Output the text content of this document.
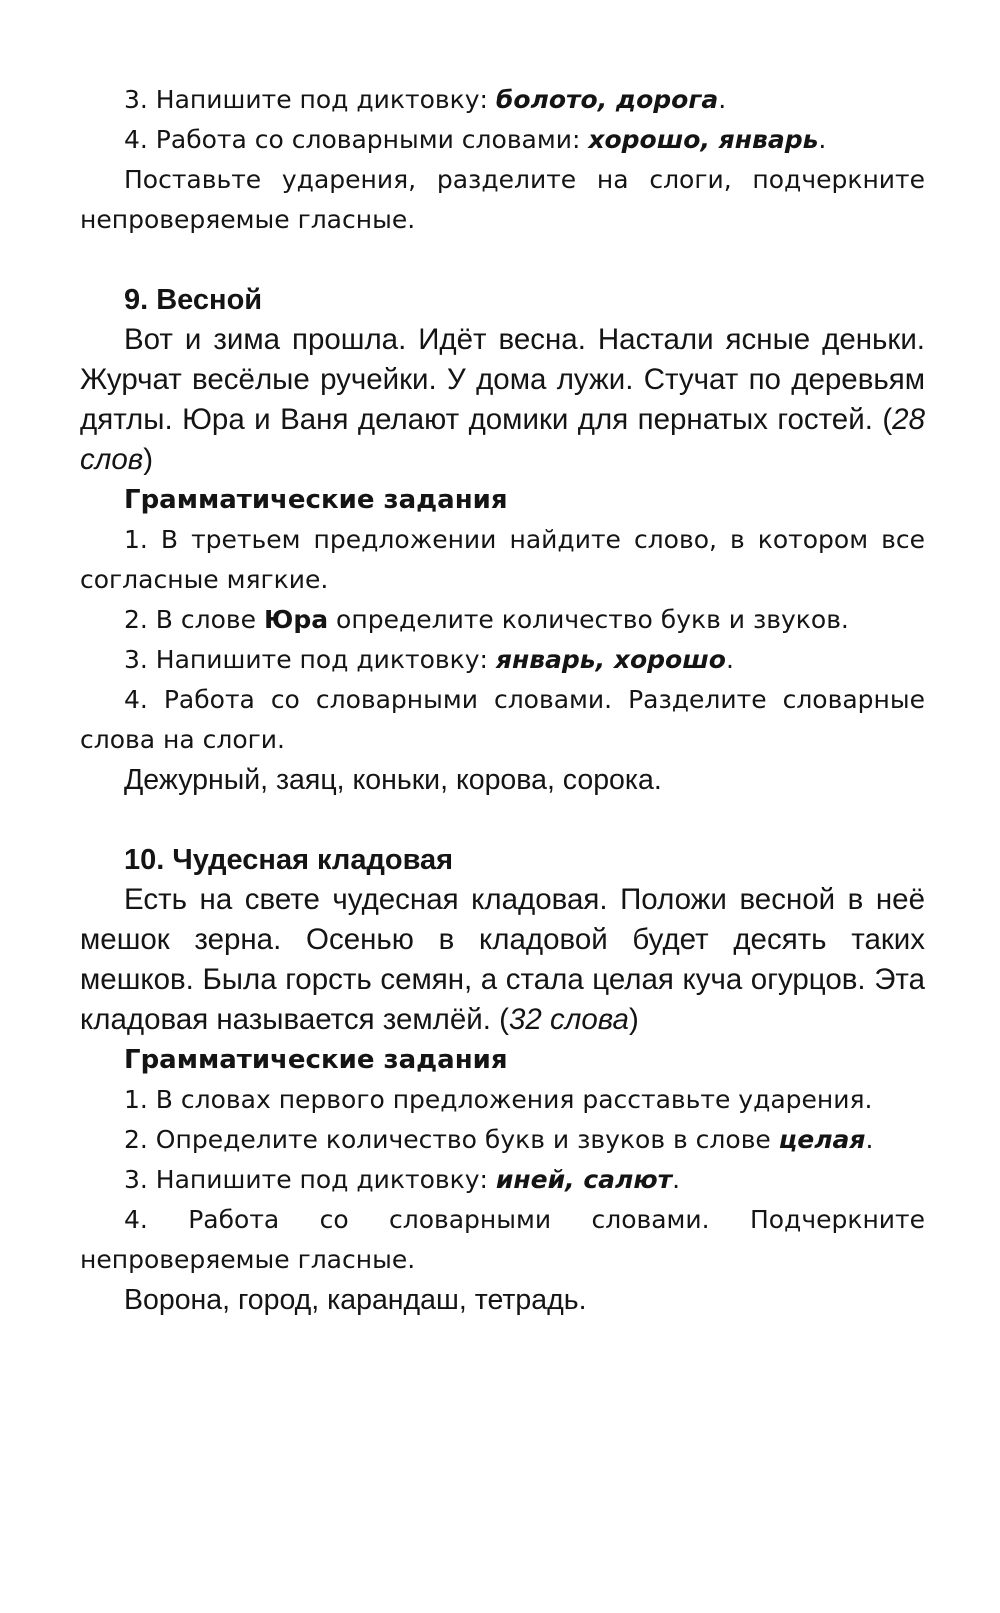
3. Напишите под диктовку: болото, дорога.

4. Работа со словарными словами: хорошо, январь.

Поставьте ударения, разделите на слоги, подчеркните непроверяемые гласные.

9. Весной

Вот и зима прошла. Идёт весна. Настали ясные деньки. Журчат весёлые ручейки. У дома лужи. Стучат по деревьям дятлы. Юра и Ваня делают домики для пернатых гостей. (28 слов)

Грамматические задания

1. В третьем предложении найдите слово, в котором все согласные мягкие.

2. В слове Юра определите количество букв и звуков.

3. Напишите под диктовку: январь, хорошо.

4. Работа со словарными словами. Разделите словарные слова на слоги.

Дежурный, заяц, коньки, корова, сорока.

10. Чудесная кладовая

Есть на свете чудесная кладовая. Положи весной в неё мешок зерна. Осенью в кладовой будет десять таких мешков. Была горсть семян, а стала целая куча огурцов. Эта кладовая называется землёй. (32 слова)

Грамматические задания

1. В словах первого предложения расставьте ударения.

2. Определите количество букв и звуков в слове целая.

3. Напишите под диктовку: иней, салют.

4. Работа со словарными словами. Подчеркните непроверяемые гласные.

Ворона, город, карандаш, тетрадь.
